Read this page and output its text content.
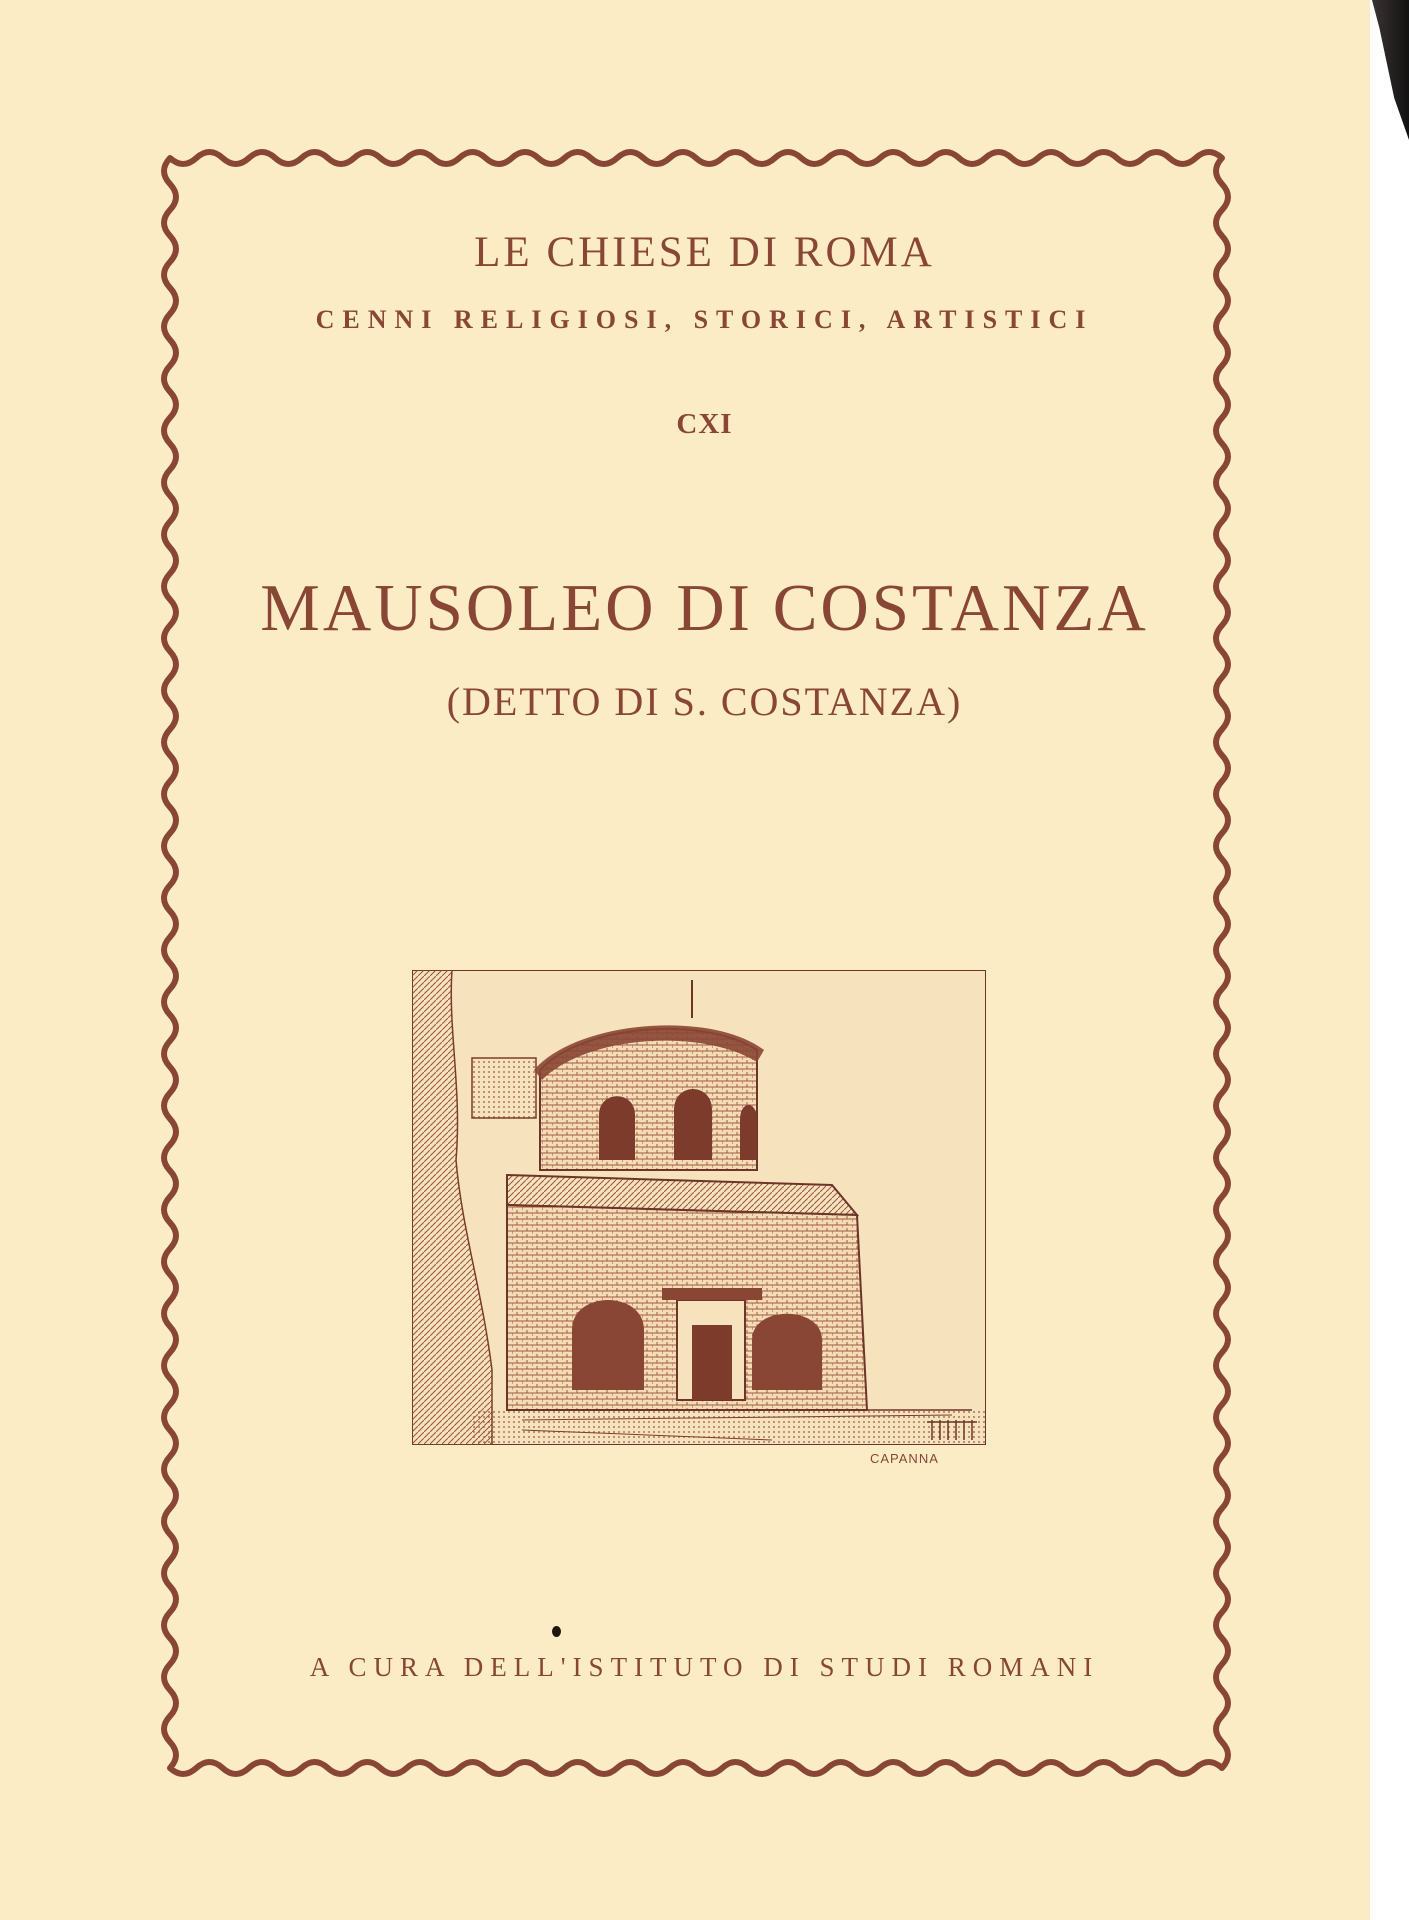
LE CHIESE DI ROMA
CENNI RELIGIOSI, STORICI, ARTISTICI
CXI
MAUSOLEO DI COSTANZA
(DETTO DI S. COSTANZA)
CAPANNA
A CURA DELL'ISTITUTO DI STUDI ROMANI
